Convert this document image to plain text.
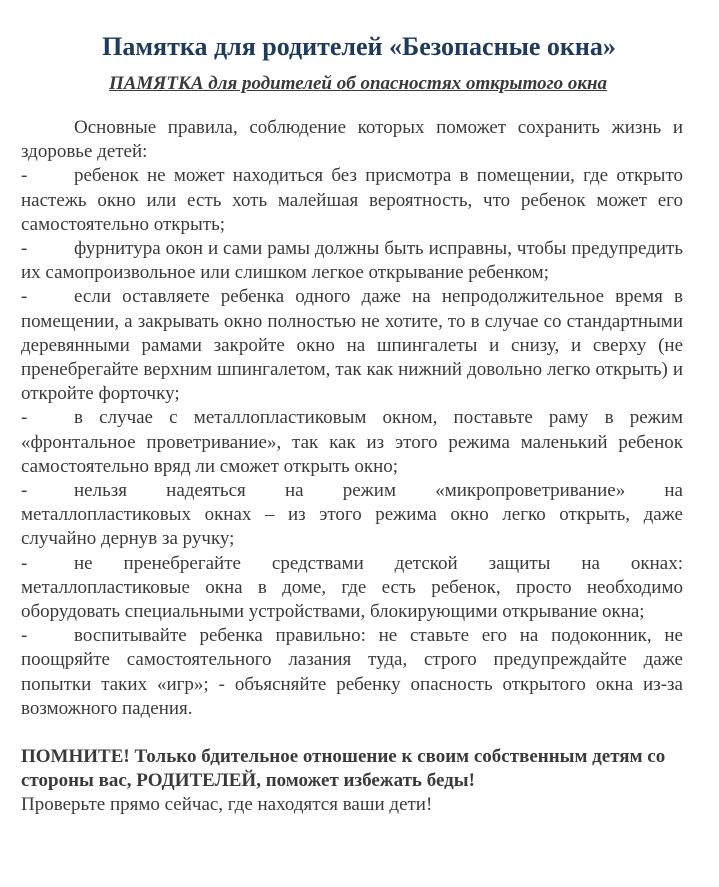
Памятка для родителей «Безопасные окна»
ПАМЯТКА для родителей об опасностях открытого окна

Основные правила, соблюдение которых поможет сохранить жизнь и здоровье детей:

- ребенок не может находиться без присмотра в помещении, где открыто настежь окно или есть хоть малейшая вероятность, что ребенок может его самостоятельно открыть;

- фурнитура окон и сами рамы должны быть исправны, чтобы предупредить их самопроизвольное или слишком легкое открывание ребенком;

- если оставляете ребенка одного даже на непродолжительное время в помещении, а закрывать окно полностью не хотите, то в случае со стандартными деревянными рамами закройте окно на шпингалеты и снизу, и сверху (не пренебрегайте верхним шпингалетом, так как нижний довольно легко открыть) и откройте форточку;

- в случае с металлопластиковым окном, поставьте раму в режим «фронтальное проветривание», так как из этого режима маленький ребенок самостоятельно вряд ли сможет открыть окно;

- нельзя надеяться на режим «микропроветривание» на металлопластиковых окнах – из этого режима окно легко открыть, даже случайно дернув за ручку;

- не пренебрегайте средствами детской защиты на окнах: металлопластиковые окна в доме, где есть ребенок, просто необходимо оборудовать специальными устройствами, блокирующими открывание окна;

- воспитывайте ребенка правильно: не ставьте его на подоконник, не поощряйте самостоятельного лазания туда, строго предупреждайте даже попытки таких «игр»; - объясняйте ребенку опасность открытого окна из-за возможного падения.

ПОМНИТЕ! Только бдительное отношение к своим собственным детям со стороны вас, РОДИТЕЛЕЙ, поможет избежать беды!

Проверьте прямо сейчас, где находятся ваши дети!
